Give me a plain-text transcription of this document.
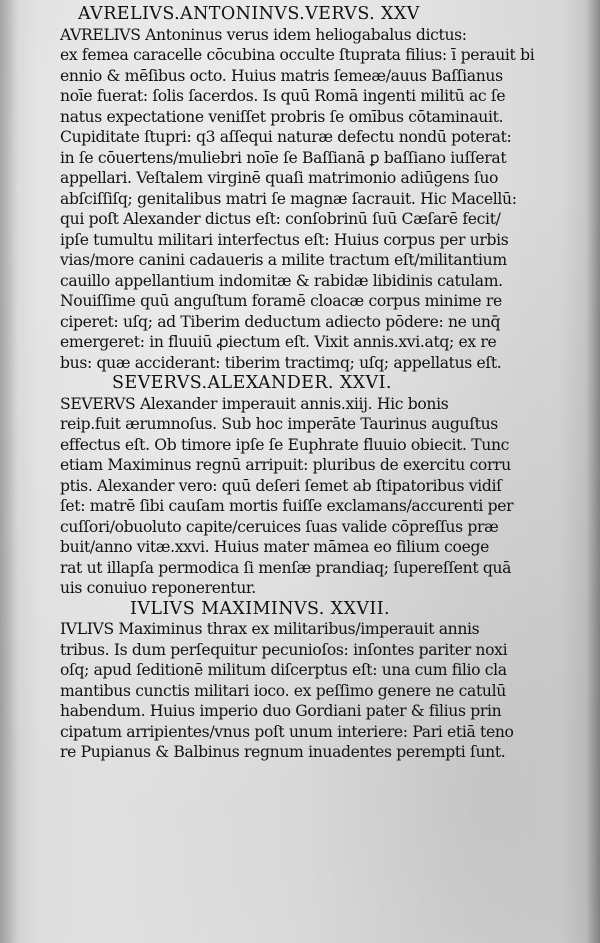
AVRELIVS.ANTONINVS.VERVS. XXV
AVRELIVS Antoninus verus idem heliogabalus dictus:
ex femea caracelle cōcubina occulte ſtuprata filius: ī perauit bi
ennio & mēſibus octo. Huius matris ſemeæ/auus Baſſianus
noīe fuerat: ſolis ſacerdos. Is quū Romā ingenti militū ac ſe
natus expectatione veniſſet probris ſe omībus cōtaminauit.
Cupiditate ſtupri: q3 aſſequi naturæ defectu nondū poterat:
in ſe cōuertens/muliebri noīe ſe Baſſianā ꝑ baſſiano iuſſerat
appellari. Veſtalem virginē quaſi matrimonio adiūgens ſuo
abſciſſiſq; genitalibus matri ſe magnæ ſacrauit. Hic Macellū:
qui poſt Alexander dictus eſt: conſobrinū ſuū Cæſarē fecit/
ipſe tumultu militari interfectus eſt: Huius corpus per urbis
vias/more canini cadaueris a milite tractum eſt/militantium
cauillo appellantium indomitæ & rabidæ libidinis catulam.
Nouiſſime quū anguſtum foramē cloacæ corpus minime re
ciperet: uſq; ad Tiberim deductum adiecto pōdere: ne unq̄
emergeret: in fluuiū ꝓiectum eſt. Vixit annis.xvi.atq; ex re
bus: quæ acciderant: tiberim tractimq; uſq; appellatus eſt.
SEVERVS.ALEXANDER. XXVI.
SEVERVS Alexander imperauit annis.xiij. Hic bonis
reip.fuit ærumnoſus. Sub hoc imperāte Taurinus auguſtus
effectus eſt. Ob timore ipſe ſe Euphrate fluuio obiecit. Tunc
etiam Maximinus regnū arripuit: pluribus de exercitu corru
ptis. Alexander vero: quū deſeri ſemet ab ſtipatoribus vidiſ
ſet: matrē ſibi cauſam mortis fuiſſe exclamans/accurenti per
cuſſori/obuoluto capite/ceruices ſuas valide cōpreſſus præ
buit/anno vitæ.xxvi. Huius mater māmea eo filium coege
rat ut illapſa permodica ſi menſæ prandiaq; ſupereſſent quā
uis conuiuo reponerentur.
IVLIVS MAXIMINVS. XXVII.
IVLIVS Maximinus thrax ex militaribus/imperauit annis
tribus. Is dum perſequitur pecunioſos: inſontes pariter noxi
oſq; apud ſeditionē militum diſcerptus eſt: una cum filio cla
mantibus cunctis militari ioco. ex peſſimo genere ne catulū
habendum. Huius imperio duo Gordiani pater & filius prin
cipatum arripientes/vnus poſt unum interiere: Pari etiā teno
re Pupianus & Balbinus regnum inuadentes perempti ſunt.
